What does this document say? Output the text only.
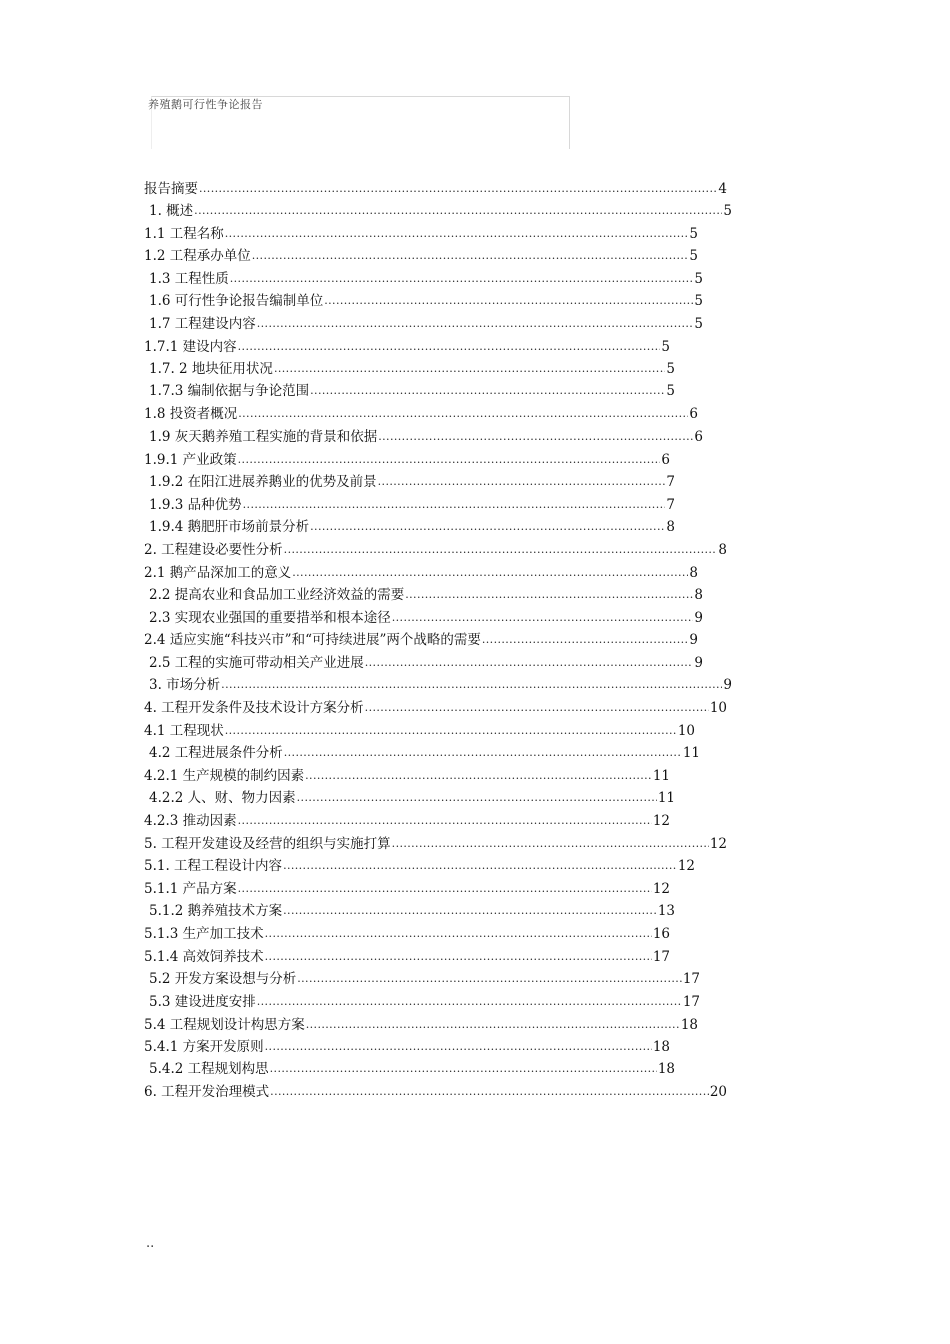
养殖鹅可行性争论报告
报告摘要 .....	4
1. 概述 .....	5
1.1 工程名称 .....	5
1.2 工程承办单位 .....	5
1.3 工程性质 .....	5
1.6 可行性争论报告编制单位 .....	5
1.7 工程建设内容 .....	5
1.7.1 建设内容 .....	5
1.7. 2 地块征用状况 .....	5
1.7.3 编制依据与争论范围 .....	5
1.8 投资者概况 .....	6
1.9 灰天鹅养殖工程实施的背景和依据 .....	6
1.9.1 产业政策 .....	6
1.9.2 在阳江进展养鹅业的优势及前景 .....	7
1.9.3 品种优势 .....	7
1.9.4 鹅肥肝市场前景分析 .....	8
2. 工程建设必要性分析 .....	8
2.1 鹅产品深加工的意义 .....	8
2.2 提高农业和食品加工业经济效益的需要 .....	8
2.3 实现农业强国的重要措举和根本途径 .....	9
2.4 适应实施“科技兴市”和“可持续进展”两个战略的需要 .....	9
2.5 工程的实施可带动相关产业进展 .....	9
3. 市场分析 .....	9
4. 工程开发条件及技术设计方案分析 .....	10
4.1 工程现状 .....	10
4.2 工程进展条件分析 .....	11
4.2.1 生产规模的制约因素 .....	11
4.2.2 人、财、物力因素 .....	11
4.2.3 推动因素 .....	12
5. 工程开发建设及经营的组织与实施打算 .....	12
5.1. 工程工程设计内容 .....	12
5.1.1 产品方案 .....	12
5.1.2 鹅养殖技术方案 .....	13
5.1.3 生产加工技术 .....	16
5.1.4 高效饲养技术 .....	17
5.2 开发方案设想与分析 .....	17
5.3 建设进度安排 .....	17
5.4 工程规划设计构思方案 .....	18
5.4.1 方案开发原则 .....	18
5.4.2 工程规划构思 .....	18
6. 工程开发治理模式 .....	20
..
